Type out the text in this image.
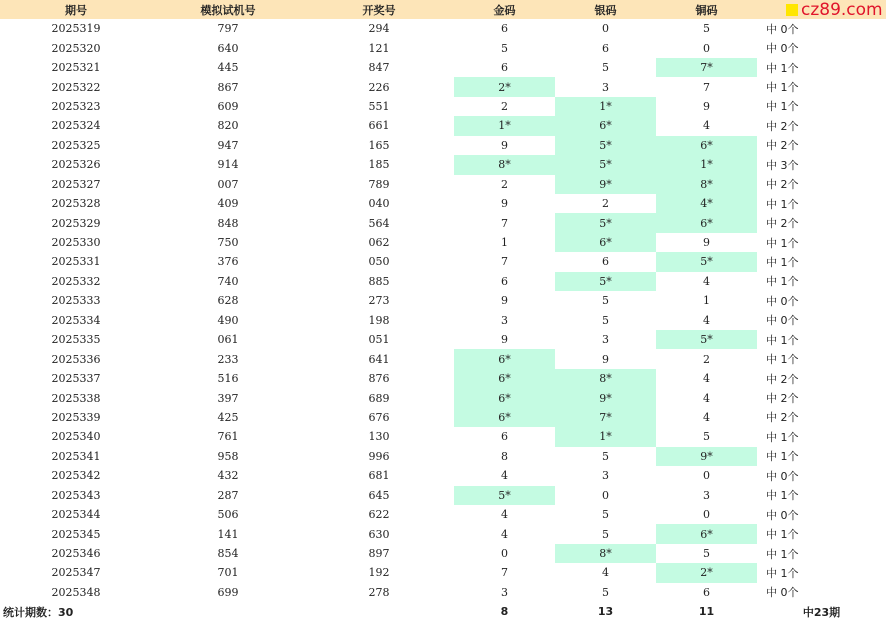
期号	模拟试机号	开奖号	金码	银码	铜码	
2025319	797	294	6	0	5	中 0个
2025320	640	121	5	6	0	中 0个
2025321	445	847	6	5	7*	中 1个
2025322	867	226	2*	3	7	中 1个
2025323	609	551	2	1*	9	中 1个
2025324	820	661	1*	6*	4	中 2个
2025325	947	165	9	5*	6*	中 2个
2025326	914	185	8*	5*	1*	中 3个
2025327	007	789	2	9*	8*	中 2个
2025328	409	040	9	2	4*	中 1个
2025329	848	564	7	5*	6*	中 2个
2025330	750	062	1	6*	9	中 1个
2025331	376	050	7	6	5*	中 1个
2025332	740	885	6	5*	4	中 1个
2025333	628	273	9	5	1	中 0个
2025334	490	198	3	5	4	中 0个
2025335	061	051	9	3	5*	中 1个
2025336	233	641	6*	9	2	中 1个
2025337	516	876	6*	8*	4	中 2个
2025338	397	689	6*	9*	4	中 2个
2025339	425	676	6*	7*	4	中 2个
2025340	761	130	6	1*	5	中 1个
2025341	958	996	8	5	9*	中 1个
2025342	432	681	4	3	0	中 0个
2025343	287	645	5*	0	3	中 1个
2025344	506	622	4	5	0	中 0个
2025345	141	630	4	5	6*	中 1个
2025346	854	897	0	8*	5	中 1个
2025347	701	192	7	4	2*	中 1个
2025348	699	278	3	5	6	中 0个
统计期数：30			8	13	11	中23期
cz89.com
